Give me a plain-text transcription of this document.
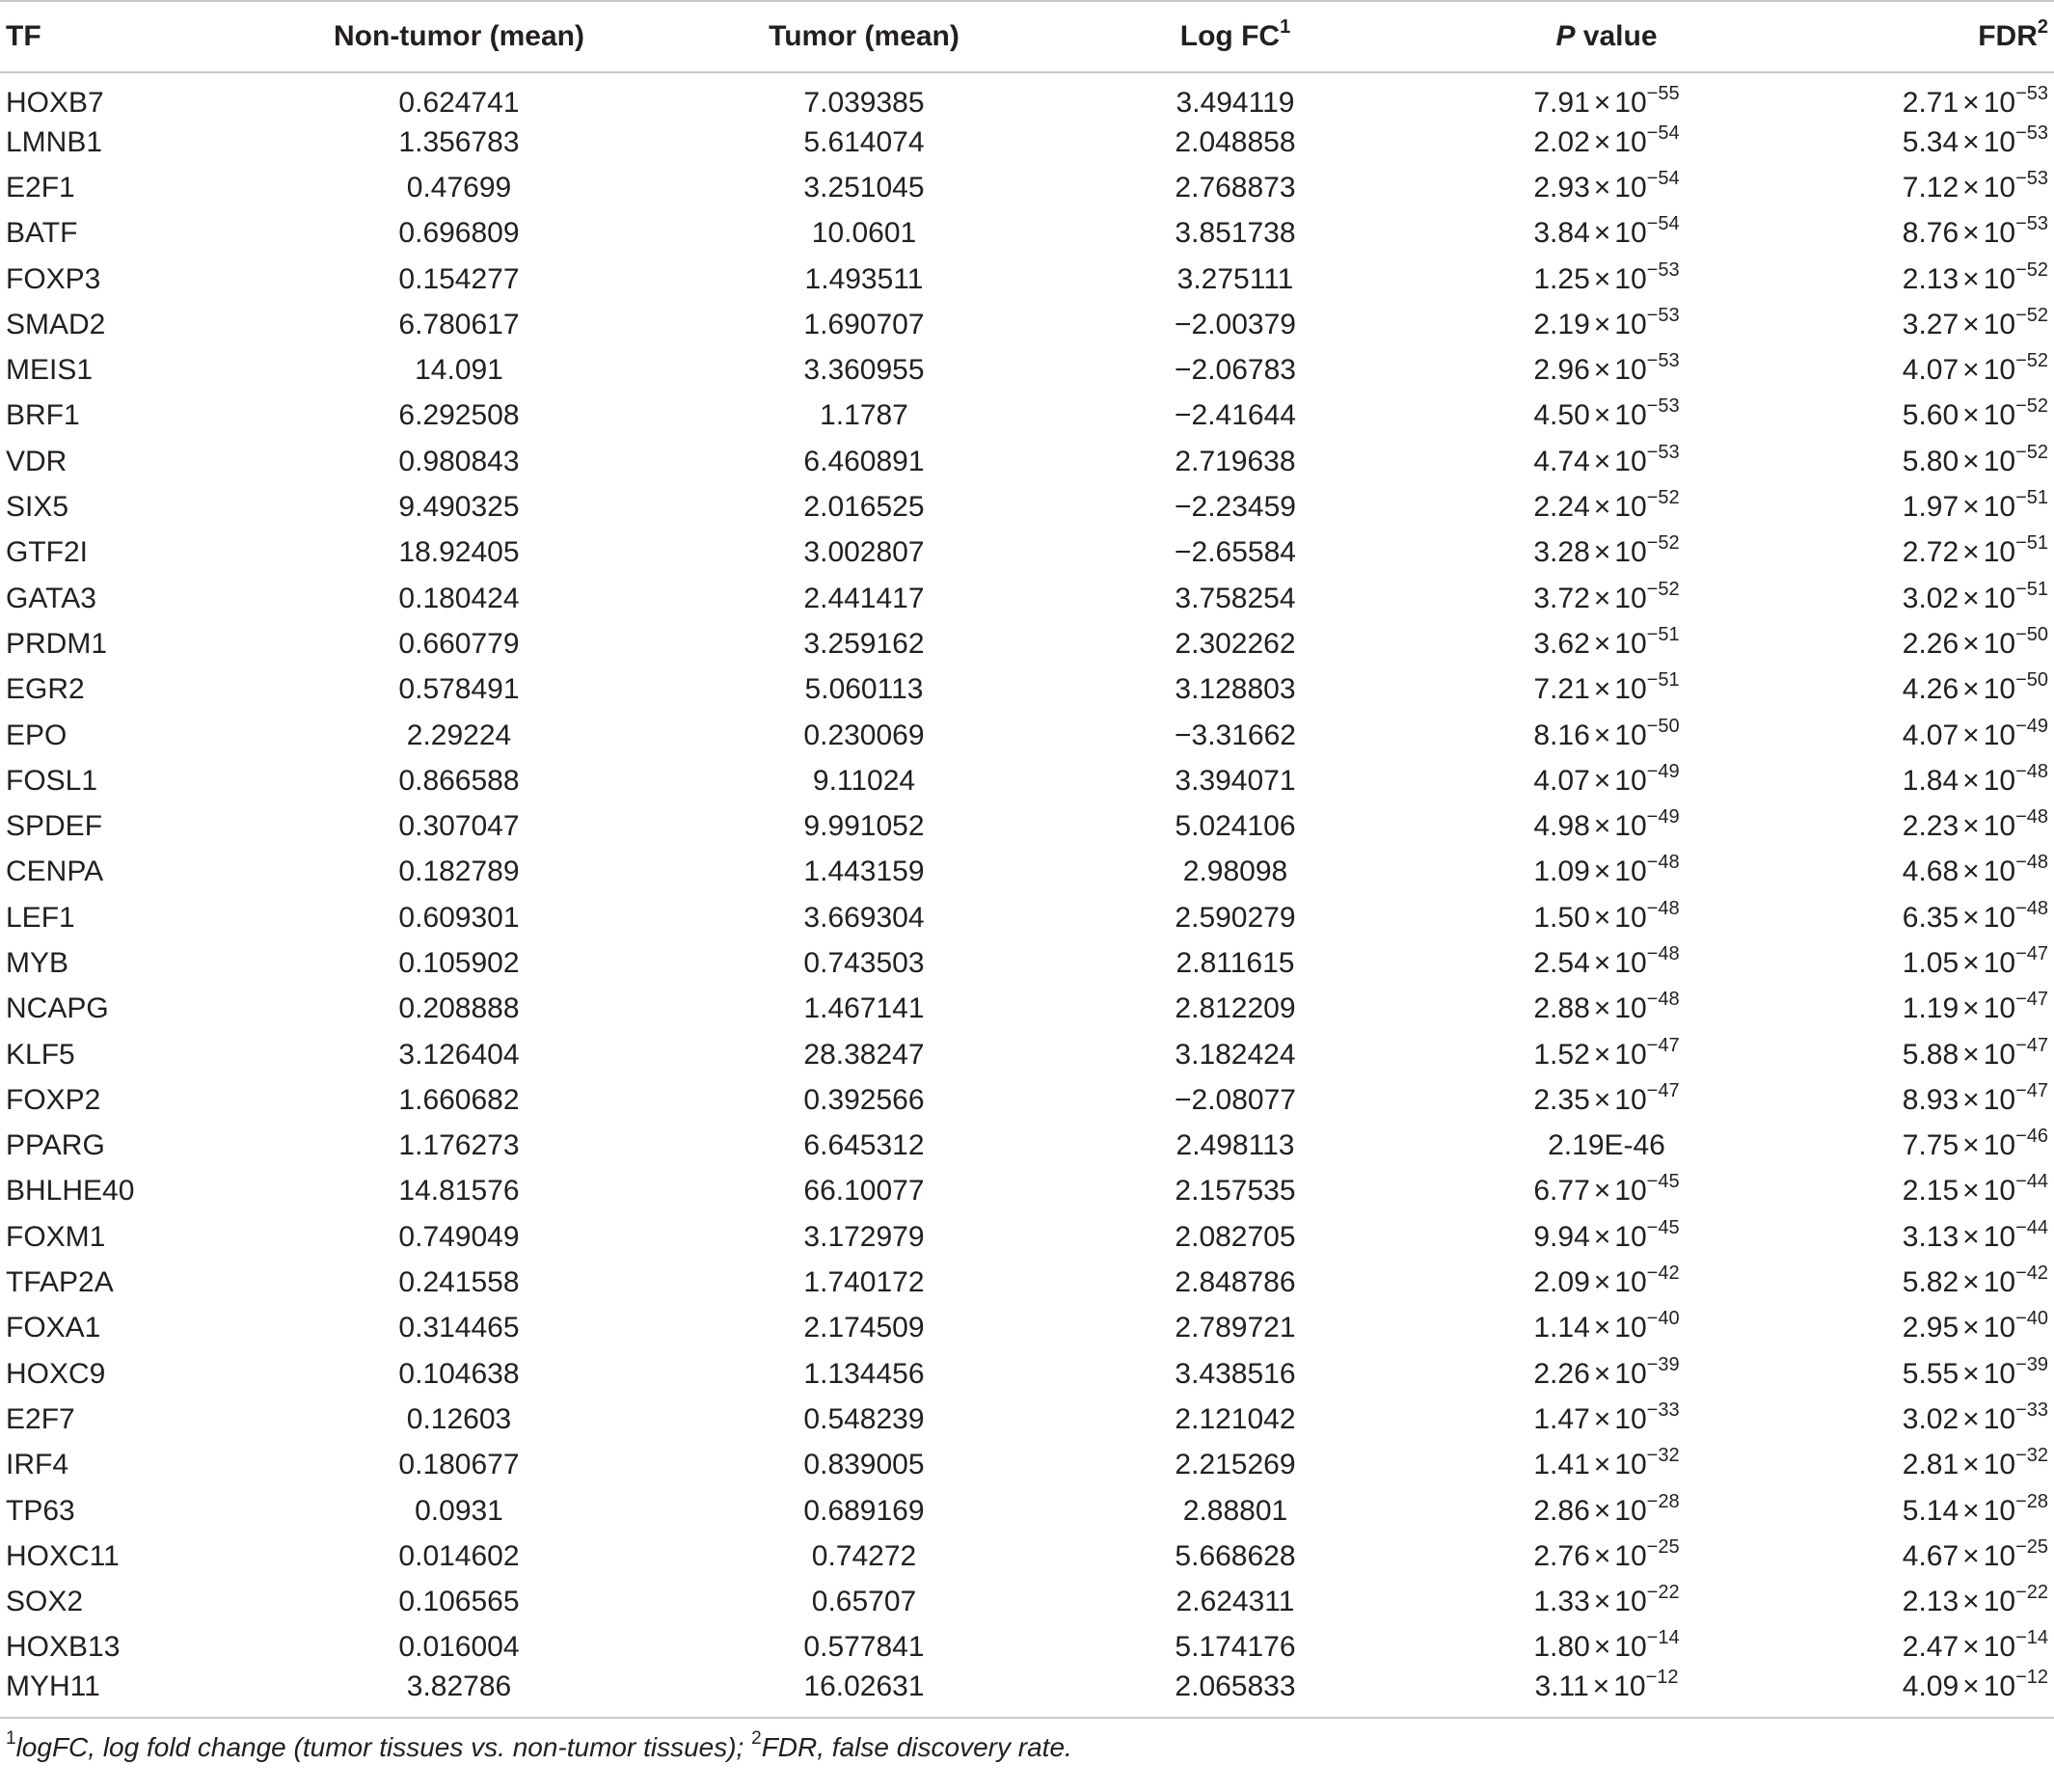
TF	Non-tumor (mean)	Tumor (mean)	Log $FC^1$	P value	FDR$^2$
HOXB7	0.624741	7.039385	3.494119	$7.91 \times 10^{-55}$	$2.71 \times 10^{-53}$
LMNB1	1.356783	5.614074	2.048858	$2.02 \times 10^{-54}$	$5.34 \times 10^{-53}$
E2F1	0.47699	3.251045	2.768873	$2.93 \times 10^{-54}$	$7.12 \times 10^{-53}$
BATF	0.696809	10.0601	3.851738	$3.84 \times 10^{-54}$	$8.76 \times 10^{-53}$
FOXP3	0.154277	1.493511	3.275111	$1.25 \times 10^{-53}$	$2.13 \times 10^{-52}$
SMAD2	6.780617	1.690707	−2.00379	$2.19 \times 10^{-53}$	$3.27 \times 10^{-52}$
MEIS1	14.091	3.360955	−2.06783	$2.96 \times 10^{-53}$	$4.07 \times 10^{-52}$
BRF1	6.292508	1.1787	−2.41644	$4.50 \times 10^{-53}$	$5.60 \times 10^{-52}$
VDR	0.980843	6.460891	2.719638	$4.74 \times 10^{-53}$	$5.80 \times 10^{-52}$
SIX5	9.490325	2.016525	−2.23459	$2.24 \times 10^{-52}$	$1.97 \times 10^{-51}$
GTF2I	18.92405	3.002807	−2.65584	$3.28 \times 10^{-52}$	$2.72 \times 10^{-51}$
GATA3	0.180424	2.441417	3.758254	$3.72 \times 10^{-52}$	$3.02 \times 10^{-51}$
PRDM1	0.660779	3.259162	2.302262	$3.62 \times 10^{-51}$	$2.26 \times 10^{-50}$
EGR2	0.578491	5.060113	3.128803	$7.21 \times 10^{-51}$	$4.26 \times 10^{-50}$
EPO	2.29224	0.230069	−3.31662	$8.16 \times 10^{-50}$	$4.07 \times 10^{-49}$
FOSL1	0.866588	9.11024	3.394071	$4.07 \times 10^{-49}$	$1.84 \times 10^{-48}$
SPDEF	0.307047	9.991052	5.024106	$4.98 \times 10^{-49}$	$2.23 \times 10^{-48}$
CENPA	0.182789	1.443159	2.98098	$1.09 \times 10^{-48}$	$4.68 \times 10^{-48}$
LEF1	0.609301	3.669304	2.590279	$1.50 \times 10^{-48}$	$6.35 \times 10^{-48}$
MYB	0.105902	0.743503	2.811615	$2.54 \times 10^{-48}$	$1.05 \times 10^{-47}$
NCAPG	0.208888	1.467141	2.812209	$2.88 \times 10^{-48}$	$1.19 \times 10^{-47}$
KLF5	3.126404	28.38247	3.182424	$1.52 \times 10^{-47}$	$5.88 \times 10^{-47}$
FOXP2	1.660682	0.392566	−2.08077	$2.35 \times 10^{-47}$	$8.93 \times 10^{-47}$
PPARG	1.176273	6.645312	2.498113	2.19E-46	$7.75 \times 10^{-46}$
BHLHE40	14.81576	66.10077	2.157535	$6.77 \times 10^{-45}$	$2.15 \times 10^{-44}$
FOXM1	0.749049	3.172979	2.082705	$9.94 \times 10^{-45}$	$3.13 \times 10^{-44}$
TFAP2A	0.241558	1.740172	2.848786	$2.09 \times 10^{-42}$	$5.82 \times 10^{-42}$
FOXA1	0.314465	2.174509	2.789721	$1.14 \times 10^{-40}$	$2.95 \times 10^{-40}$
HOXC9	0.104638	1.134456	3.438516	$2.26 \times 10^{-39}$	$5.55 \times 10^{-39}$
E2F7	0.12603	0.548239	2.121042	$1.47 \times 10^{-33}$	$3.02 \times 10^{-33}$
IRF4	0.180677	0.839005	2.215269	$1.41 \times 10^{-32}$	$2.81 \times 10^{-32}$
TP63	0.0931	0.689169	2.88801	$2.86 \times 10^{-28}$	$5.14 \times 10^{-28}$
HOXC11	0.014602	0.74272	5.668628	$2.76 \times 10^{-25}$	$4.67 \times 10^{-25}$
SOX2	0.106565	0.65707	2.624311	$1.33 \times 10^{-22}$	$2.13 \times 10^{-22}$
HOXB13	0.016004	0.577841	5.174176	$1.80 \times 10^{-14}$	$2.47 \times 10^{-14}$
MYH11	3.82786	16.02631	2.065833	$3.11 \times 10^{-12}$	$4.09 \times 10^{-12}$
$^1$logFC, log fold change (tumor tissues vs. non-tumor tissues); $^2$FDR, false discovery rate.
